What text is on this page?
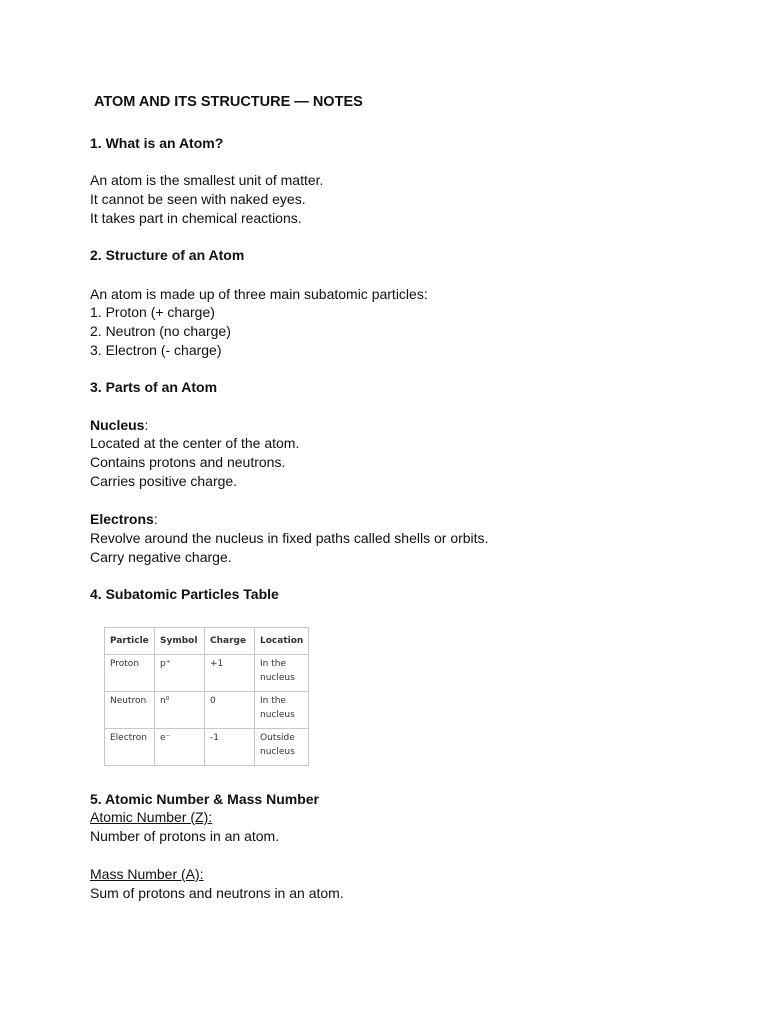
ATOM AND ITS STRUCTURE — NOTES
1. What is an Atom?
An atom is the smallest unit of matter.
It cannot be seen with naked eyes.
It takes part in chemical reactions.
2. Structure of an Atom
An atom is made up of three main subatomic particles:
1. Proton (+ charge)
2. Neutron (no charge)
3. Electron (- charge)
3. Parts of an Atom
Nucleus:
Located at the center of the atom.
Contains protons and neutrons.
Carries positive charge.
Electrons:
Revolve around the nucleus in fixed paths called shells or orbits.
Carry negative charge.
4. Subatomic Particles Table
Particle	Symbol	Charge	Location
Proton	p⁺	+1	In the
nucleus
Neutron	n⁰	0	In the
nucleus
Electron	e⁻	-1	Outside
nucleus
5. Atomic Number & Mass Number
Atomic Number (Z):
Number of protons in an atom.
Mass Number (A):
Sum of protons and neutrons in an atom.
